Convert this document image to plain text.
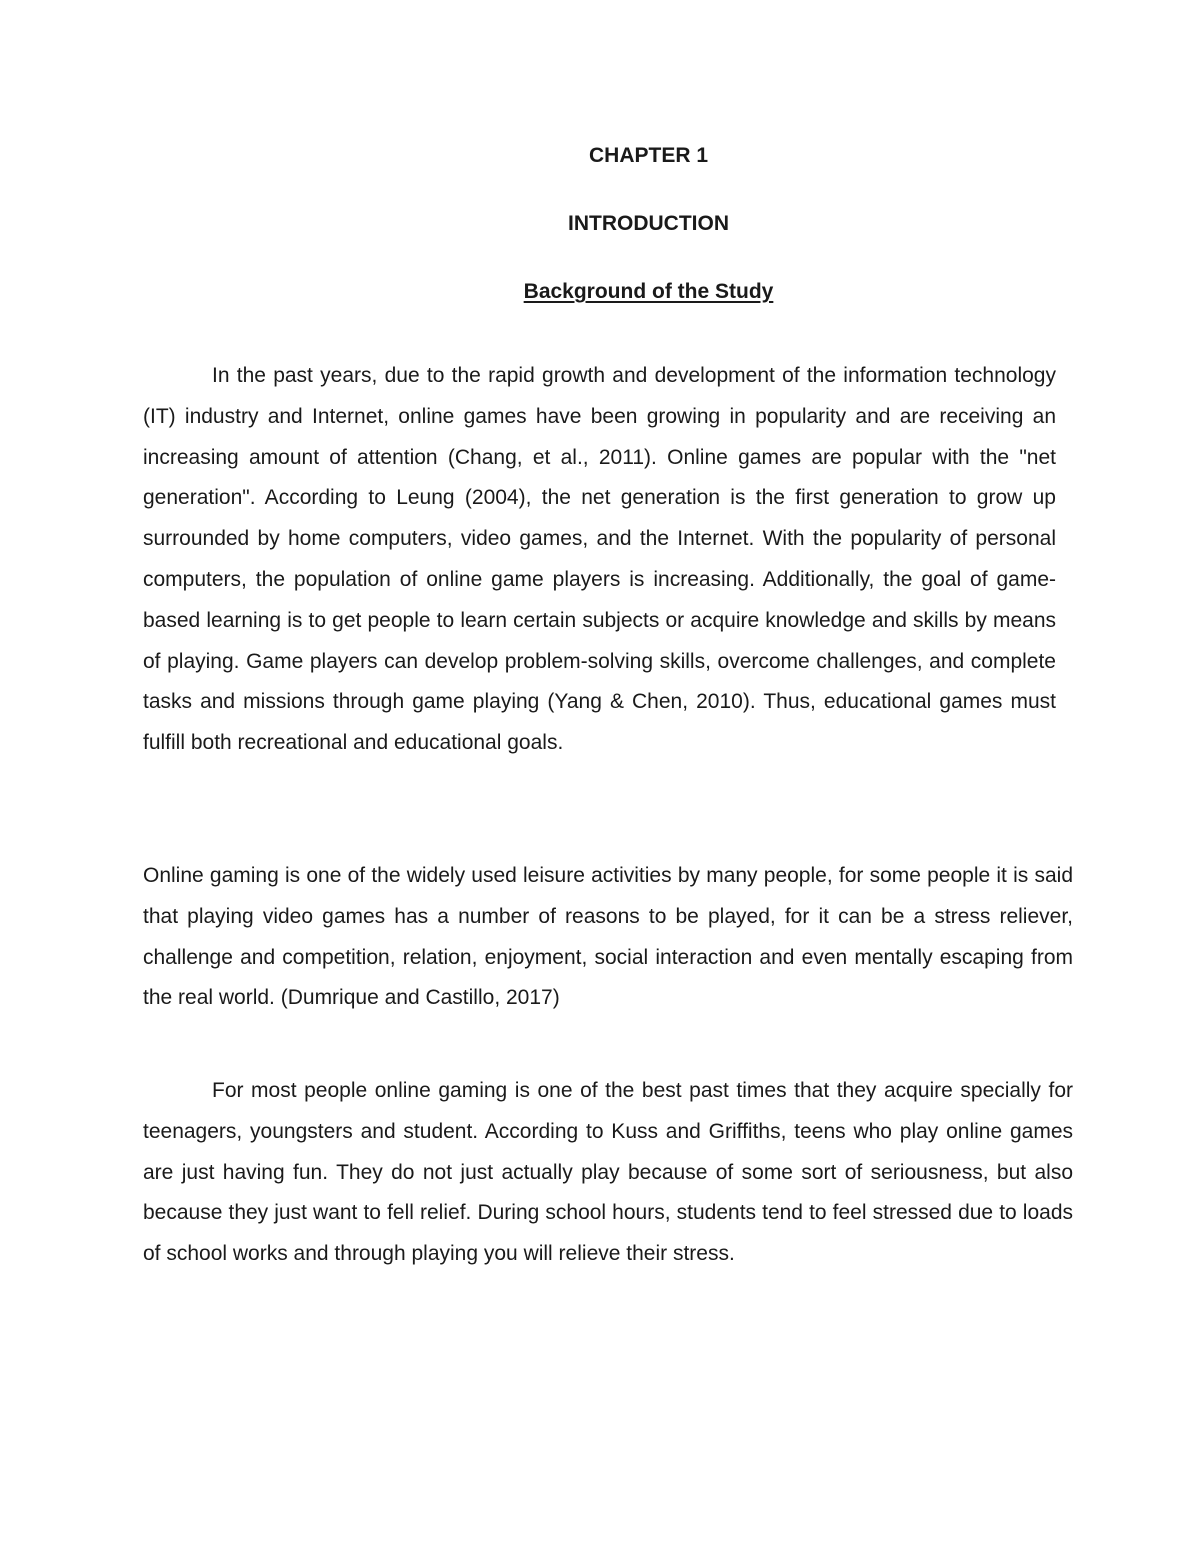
CHAPTER 1
INTRODUCTION
Background of the Study

In the past years, due to the rapid growth and development of the information technology (IT) industry and Internet, online games have been growing in popularity and are receiving an increasing amount of attention (Chang, et al., 2011). Online games are popular with the "net generation". According to Leung (2004), the net generation is the first generation to grow up surrounded by home computers, video games, and the Internet. With the popularity of personal computers, the population of online game players is increasing. Additionally, the goal of game-based learning is to get people to learn certain subjects or acquire knowledge and skills by means of playing. Game players can develop problem-solving skills, overcome challenges, and complete tasks and missions through game playing (Yang & Chen, 2010). Thus, educational games must fulfill both recreational and educational goals.

Online gaming is one of the widely used leisure activities by many people, for some people it is said that playing video games has a number of reasons to be played, for it can be a stress reliever, challenge and competition, relation, enjoyment, social interaction and even mentally escaping from the real world. (Dumrique and Castillo, 2017)

For most people online gaming is one of the best past times that they acquire specially for teenagers, youngsters and student. According to Kuss and Griffiths, teens who play online games are just having fun. They do not just actually play because of some sort of seriousness, but also because they just want to fell relief. During school hours, students tend to feel stressed due to loads of school works and through playing you will relieve their stress.
